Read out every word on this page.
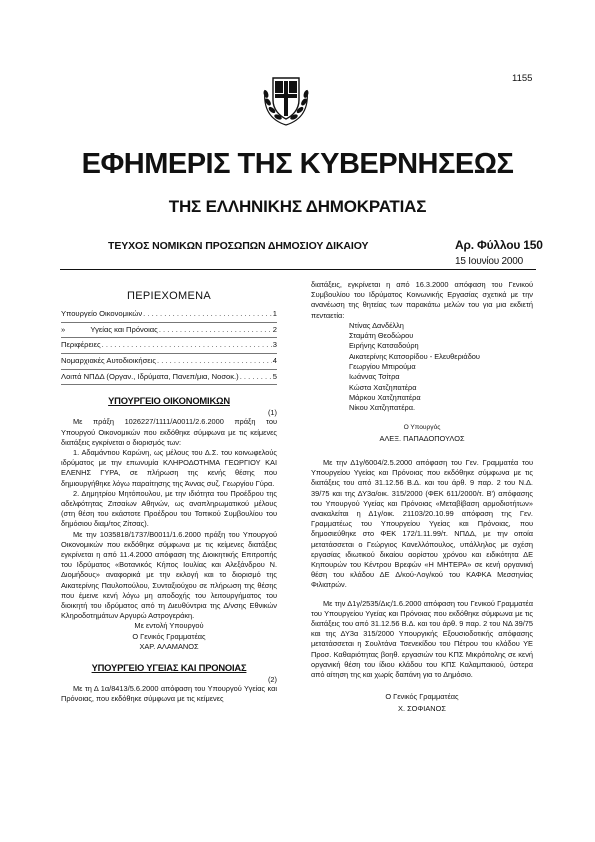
1155
ΕΦΗΜΕΡΙΣ ΤΗΣ ΚΥΒΕΡΝΗΣΕΩΣ
ΤΗΣ ΕΛΛΗΝΙΚΗΣ ΔΗΜΟΚΡΑΤΙΑΣ
ΤΕΥΧΟΣ ΝΟΜΙΚΩΝ ΠΡΟΣΩΠΩΝ ΔΗΜΟΣΙΟΥ ΔΙΚΑΙΟΥ	Αρ. Φύλλου 150
15 Ιουνίου 2000
ΠΕΡΙΕΧΟΜΕΝΑ
Υπουργείο Οικονομικών . . .	1
»            Υγείας και Πρόνοιας . . .	2
Περιφέρειες . . .	3
Νομαρχιακές Αυτοδιοικήσεις . . .	4
Λοιπά ΝΠΔΔ (Οργαν., Ιδρύματα, Πανεπ/μια, Νοσοκ.) . . .	5
ΥΠΟΥΡΓΕΙΟ ΟΙΚΟΝΟΜΙΚΩΝ
(1)

Με πράξη 1026227/1111/Α0011/2.6.2000 πράξη του Υπουργού Οικονομικών που εκδόθηκε σύμφωνα με τις κείμενες διατάξεις εγκρίνεται ο διορισμός των:

1. Αδαμάντιου Καρώνη, ως μέλους του Δ.Σ. του κοινωφελούς ιδρύματος με την επωνυμία ΚΛΗΡΟΔΟΤΗΜΑ ΓΕΩΡΓΙΟΥ ΚΑΙ ΕΛΕΝΗΣ ΓΥΡΑ, σε πλήρωση της κενής θέσης που δημιουργήθηκε λόγω παραίτησης της Άννας συζ. Γεωργίου Γύρα.

2. Δημητρίου Μητόπουλου, με την ιδιότητα του Προέδρου της αδελφότητας Ζιτσαίων Αθηνών, ως αναπληρωματικού μέλους (στη θέση του εκάστοτε Προέδρου του Τοπικού Συμβουλίου του δημόσιου διαμ/τος Ζίτσας).

Με την 1035818/1737/Β0011/1.6.2000 πράξη του Υπουργού Οικονομικών που εκδόθηκε σύμφωνα με τις κείμενες διατάξεις εγκρίνεται η από 11.4.2000 απόφαση της Διοικητικής Επιτροπής του Ιδρύματος «Βοτανικός Κήπος Ιουλίας και Αλεξάνδρου Ν. Διομήδους» αναφορικά με την εκλογή και το διορισμό της Αικατερίνης Παυλοπούλου, Συνταξιούχου σε πλήρωση της θέσης που έμεινε κενή λόγω μη αποδοχής του λειτουργήματος του διοικητή του ιδρύματος από τη Διευθύντρια της Δ/νσης Εθνικών Κληροδοτημάτων Αργυρώ Αστρογεράκη.

Με εντολή Υπουργού

Ο Γενικός Γραμματέας

ΧΑΡ. ΑΛΑΜΑΝΟΣ

ΥΠΟΥΡΓΕΙΟ ΥΓΕΙΑΣ ΚΑΙ ΠΡΟΝΟΙΑΣ
(2)

Με τη Δ 1α/8413/5.6.2000 απόφαση του Υπουργού Υγείας και Πρόνοιας, που εκδόθηκε σύμφωνα με τις κείμενες

διατάξεις, εγκρίνεται η από 16.3.2000 απόφαση του Γενικού Συμβουλίου του Ιδρύματος Κοινωνικής Εργασίας σχετικά με την ανανέωση της θητείας των παρακάτω μελών του για μια εκδιετή πενταετία:

Ντίνας Δανδέλλη
Σταμάτη Θεοδώρου
Ειρήνης Κατσαδούρη
Αικατερίνης Κατσορίδου - Ελευθεριάδου
Γεωργίου Μπιρούμα
Ιωάννας Τσίτρα
Κώστα Χατζηπατέρα
Μάρκου Χατζηπατέρα
Νίκου Χατζηπατέρα.

Ο Υπουργός

ΑΛΕΞ. ΠΑΠΑΔΟΠΟΥΛΟΣ

Με την Δ1γ/6004/2.5.2000 απόφαση του Γεν. Γραμματέα του Υπουργείου Υγείας και Πρόνοιας που εκδόθηκε σύμφωνα με τις διατάξεις του από 31.12.56 Β.Δ. και του άρθ. 9 παρ. 2 του Ν.Δ. 39/75 και της ΔΥ3α/οικ. 315/2000 (ΦΕΚ 611/2000/τ. Β') απόφασης του Υπουργού Υγείας και Πρόνοιας «Μεταβίβαση αρμοδιοτήτων» ανακαλείται η Δ1γ/οικ. 21103/20.10.99 απόφαση της Γεν. Γραμματέως του Υπουργείου Υγείας και Πρόνοιας, που δημοσιεύθηκε στο ΦΕΚ 172/1.11.99/τ. ΝΠΔΔ, με την οποία μετατάσσεται ο Γεώργιος Κανελλόπουλος, υπάλληλος με σχέση εργασίας ιδιωτικού δικαίου αορίστου χρόνου και ειδικότητα ΔΕ Κηπουρών του Κέντρου Βρεφών «Η ΜΗΤΕΡΑ» σε κενή οργανική θέση του κλάδου ΔΕ Δ/κού-Λογ/κού του ΚΑΦΚΑ Μεσσηνίας Φιλιατρών.

Με την Δ1γ/2535/Δις/1.6.2000 απόφαση του Γενικού Γραμματέα του Υπουργείου Υγείας και Πρόνοιας που εκδόθηκε σύμφωνα με τις διατάξεις του από 31.12.56 Β.Δ. και του άρθ. 9 παρ. 2 του ΝΔ 39/75 και της ΔΥ3α 315/2000 Υπουργικής Εξουσιοδοτικής απόφασης μετατάσσεται η Σουλτάνα Τσενεκίδου του Πέτρου του κλάδου ΥΕ Προσ. Καθαριότητας βοηθ. εργασιών του ΚΠΣ Μικρόπολης σε κενή οργανική θέση του ίδιου κλάδου του ΚΠΣ Καλαμπακιού, ύστερα από αίτηση της και χωρίς δαπάνη για το Δημόσιο.

Ο Γενικός Γραμματέας

Χ. ΣΟΦΙΑΝΟΣ
